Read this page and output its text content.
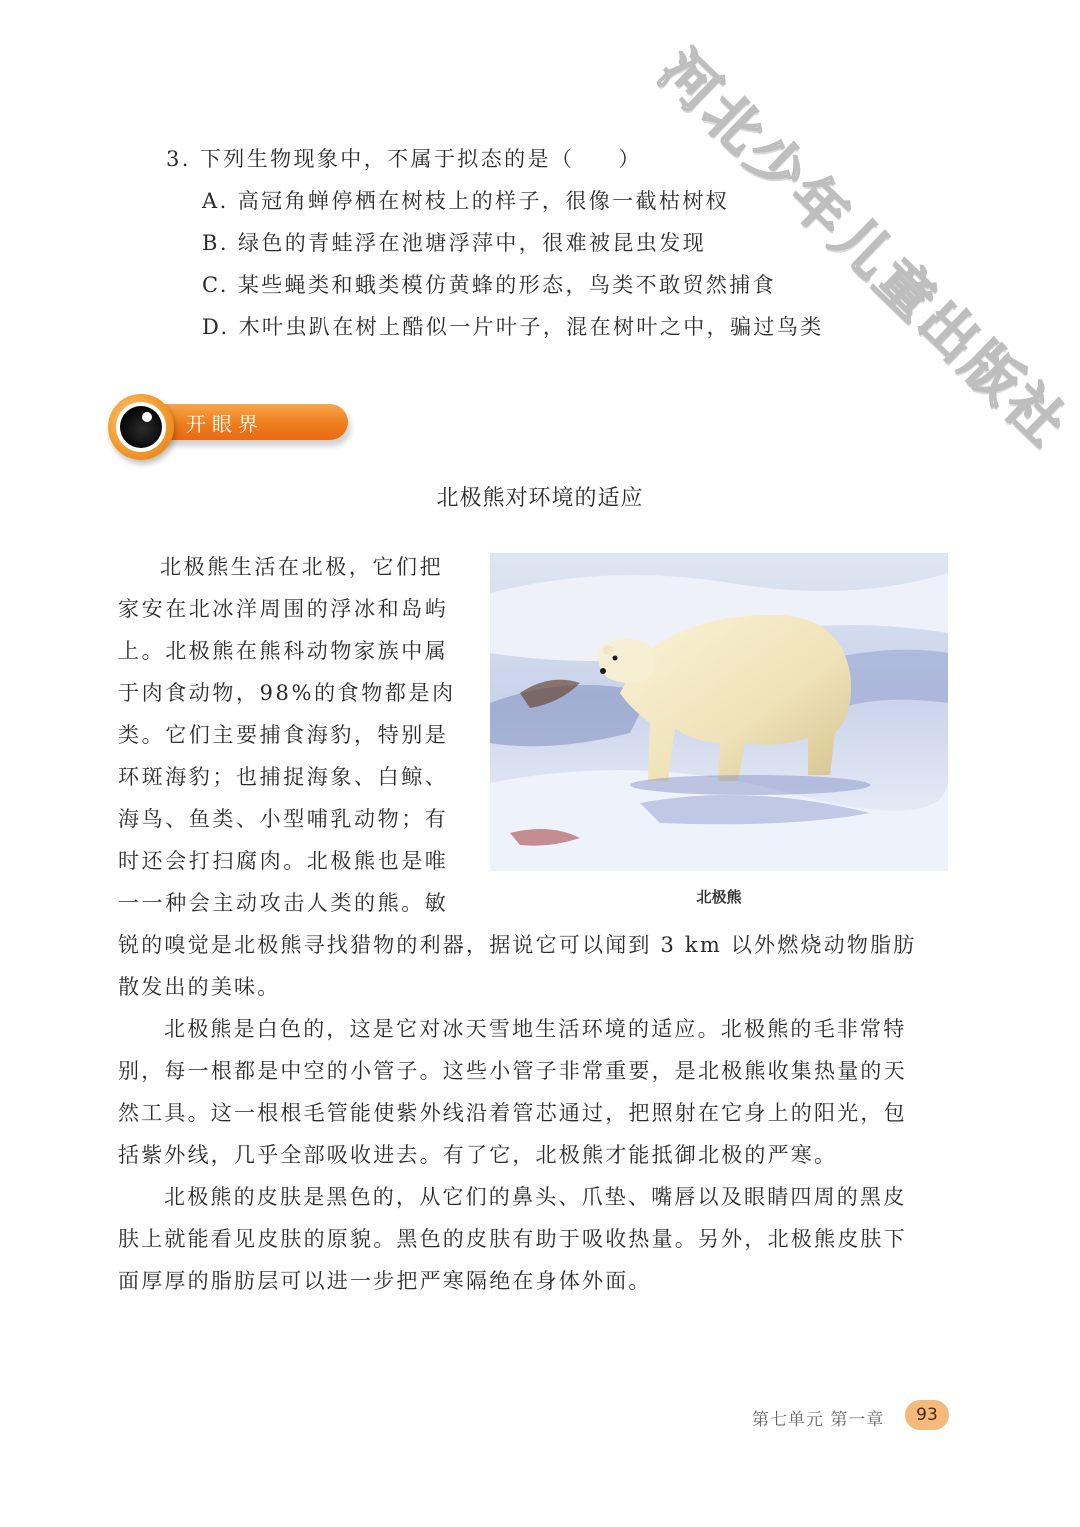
河北少年儿童出版社
3. 下列生物现象中，不属于拟态的是（ ）
A. 高冠角蝉停栖在树枝上的样子，很像一截枯树杈
B. 绿色的青蛙浮在池塘浮萍中，很难被昆虫发现
C. 某些蝇类和蛾类模仿黄蜂的形态，鸟类不敢贸然捕食
D. 木叶虫趴在树上酷似一片叶子，混在树叶之中，骗过鸟类
开眼界
北极熊对环境的适应
北极熊生活在北极，它们把
家安在北冰洋周围的浮冰和岛屿
上。北极熊在熊科动物家族中属
于肉食动物，98%的食物都是肉
类。它们主要捕食海豹，特别是
环斑海豹；也捕捉海象、白鲸、
海鸟、鱼类、小型哺乳动物；有
时还会打扫腐肉。北极熊也是唯
一一种会主动攻击人类的熊。敏	北极熊
锐的嗅觉是北极熊寻找猎物的利器，据说它可以闻到 3 km 以外燃烧动物脂肪
散发出的美味。
北极熊是白色的，这是它对冰天雪地生活环境的适应。北极熊的毛非常特
别，每一根都是中空的小管子。这些小管子非常重要，是北极熊收集热量的天
然工具。这一根根毛管能使紫外线沿着管芯通过，把照射在它身上的阳光，包
括紫外线，几乎全部吸收进去。有了它，北极熊才能抵御北极的严寒。
北极熊的皮肤是黑色的，从它们的鼻头、爪垫、嘴唇以及眼睛四周的黑皮
肤上就能看见皮肤的原貌。黑色的皮肤有助于吸收热量。另外，北极熊皮肤下
面厚厚的脂肪层可以进一步把严寒隔绝在身体外面。
第七单元 第一章	93
